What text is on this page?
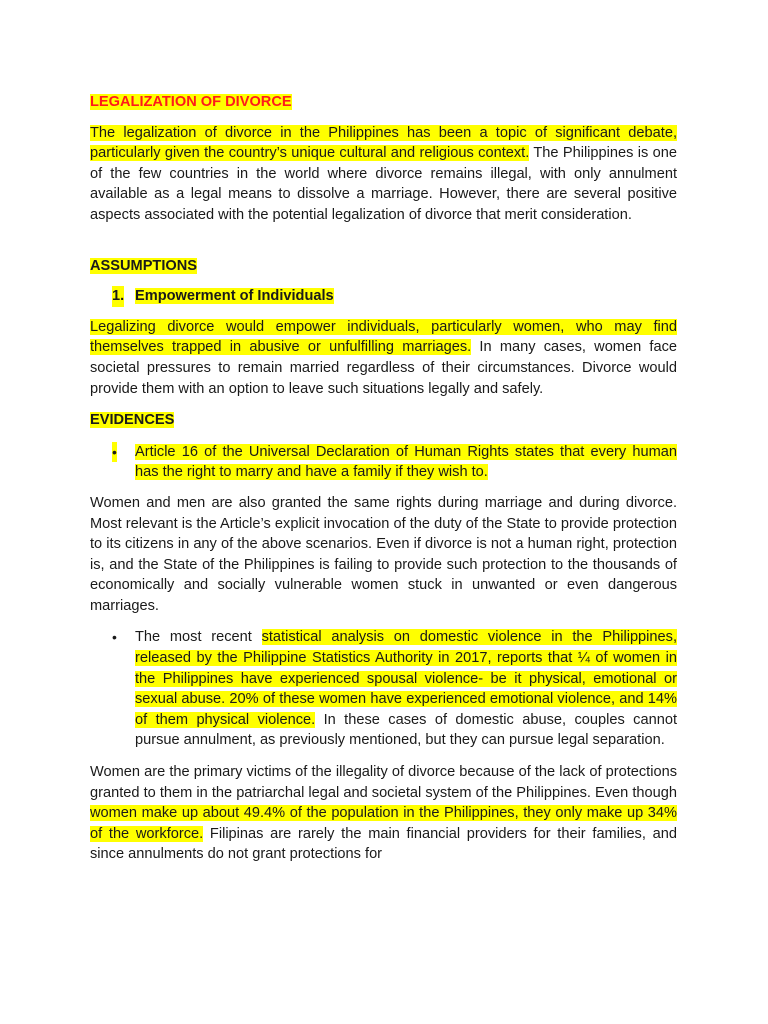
LEGALIZATION OF DIVORCE

The legalization of divorce in the Philippines has been a topic of significant debate, particularly given the country’s unique cultural and religious context. The Philippines is one of the few countries in the world where divorce remains illegal, with only annulment available as a legal means to dissolve a marriage. However, there are several positive aspects associated with the potential legalization of divorce that merit consideration.

ASSUMPTIONS
1. Empowerment of Individuals

Legalizing divorce would empower individuals, particularly women, who may find themselves trapped in abusive or unfulfilling marriages. In many cases, women face societal pressures to remain married regardless of their circumstances. Divorce would provide them with an option to leave such situations legally and safely.

EVIDENCES
• Article 16 of the Universal Declaration of Human Rights states that every human has the right to marry and have a family if they wish to.

Women and men are also granted the same rights during marriage and during divorce. Most relevant is the Article’s explicit invocation of the duty of the State to provide protection to its citizens in any of the above scenarios. Even if divorce is not a human right, protection is, and the State of the Philippines is failing to provide such protection to the thousands of economically and socially vulnerable women stuck in unwanted or even dangerous marriages.

• The most recent statistical analysis on domestic violence in the Philippines, released by the Philippine Statistics Authority in 2017, reports that ¼ of women in the Philippines have experienced spousal violence- be it physical, emotional or sexual abuse. 20% of these women have experienced emotional violence, and 14% of them physical violence. In these cases of domestic abuse, couples cannot pursue annulment, as previously mentioned, but they can pursue legal separation.

Women are the primary victims of the illegality of divorce because of the lack of protections granted to them in the patriarchal legal and societal system of the Philippines. Even though women make up about 49.4% of the population in the Philippines, they only make up 34% of the workforce. Filipinas are rarely the main financial providers for their families, and since annulments do not grant protections for
